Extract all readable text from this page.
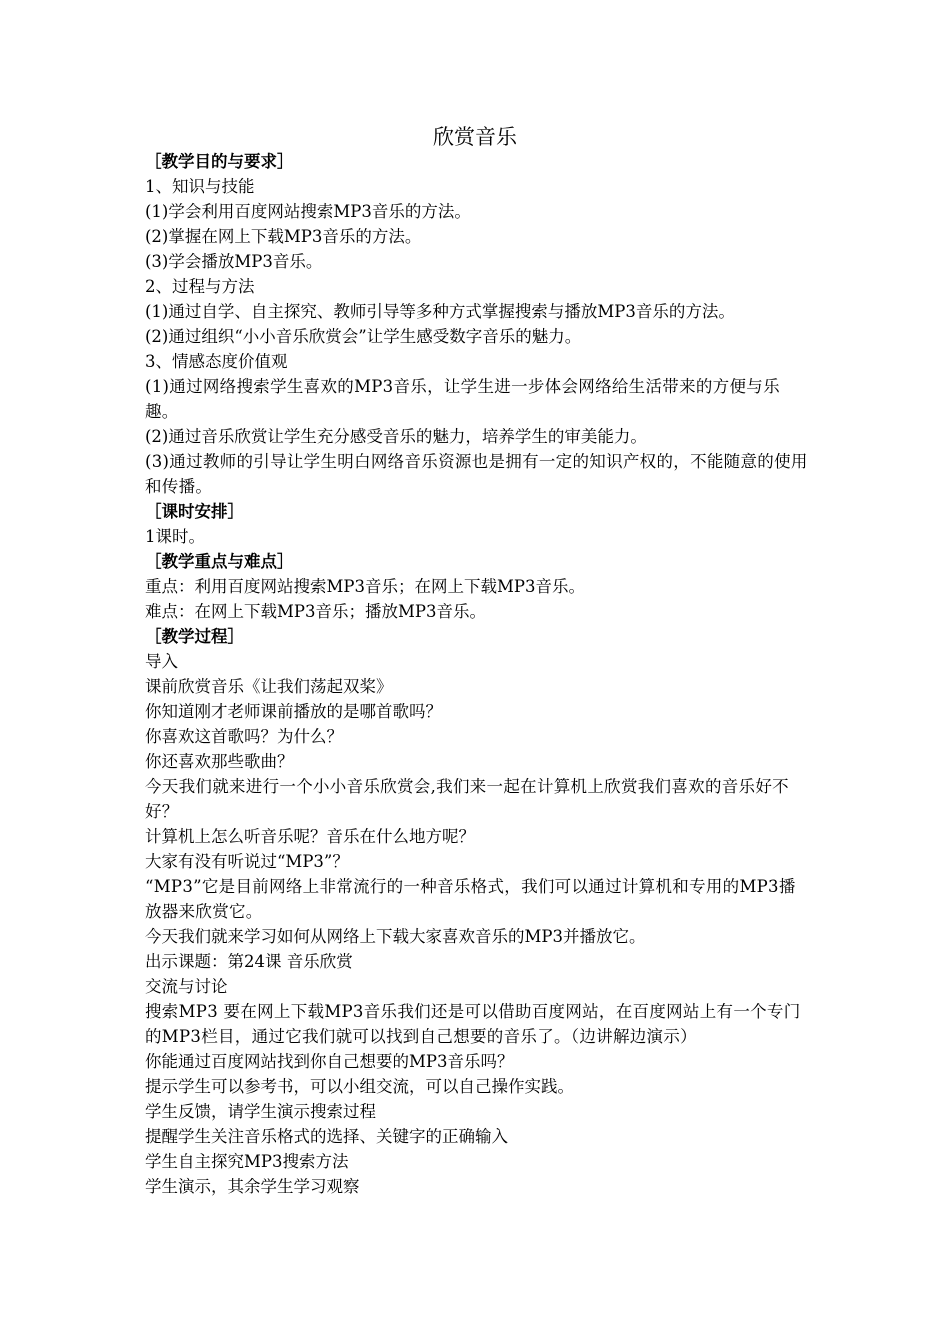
欣赏音乐
［教学目的与要求］
1、知识与技能
(1)学会利用百度网站搜索MP3音乐的方法。
(2)掌握在网上下载MP3音乐的方法。
(3)学会播放MP3音乐。
2、过程与方法
(1)通过自学、自主探究、教师引导等多种方式掌握搜索与播放MP3音乐的方法。
(2)通过组织“小小音乐欣赏会”让学生感受数字音乐的魅力。
3、情感态度价值观
(1)通过网络搜索学生喜欢的MP3音乐，让学生进一步体会网络给生活带来的方便与乐趣。
(2)通过音乐欣赏让学生充分感受音乐的魅力，培养学生的审美能力。
(3)通过教师的引导让学生明白网络音乐资源也是拥有一定的知识产权的，不能随意的使用和传播。
［课时安排］
1课时。
［教学重点与难点］
重点：利用百度网站搜索MP3音乐；在网上下载MP3音乐。
难点：在网上下载MP3音乐；播放MP3音乐。
［教学过程］
导入
课前欣赏音乐《让我们荡起双桨》
你知道刚才老师课前播放的是哪首歌吗？
你喜欢这首歌吗？为什么？
你还喜欢那些歌曲？
今天我们就来进行一个小小音乐欣赏会,我们来一起在计算机上欣赏我们喜欢的音乐好不好？
计算机上怎么听音乐呢？音乐在什么地方呢？
大家有没有听说过“MP3”？
“MP3”它是目前网络上非常流行的一种音乐格式，我们可以通过计算机和专用的MP3播放器来欣赏它。
今天我们就来学习如何从网络上下载大家喜欢音乐的MP3并播放它。
出示课题：第24课 音乐欣赏
交流与讨论
搜索MP3 要在网上下载MP3音乐我们还是可以借助百度网站，在百度网站上有一个专门的MP3栏目，通过它我们就可以找到自己想要的音乐了。（边讲解边演示）
你能通过百度网站找到你自己想要的MP3音乐吗？
提示学生可以参考书，可以小组交流，可以自己操作实践。
学生反馈，请学生演示搜索过程
提醒学生关注音乐格式的选择、关键字的正确输入
学生自主探究MP3搜索方法
学生演示，其余学生学习观察
